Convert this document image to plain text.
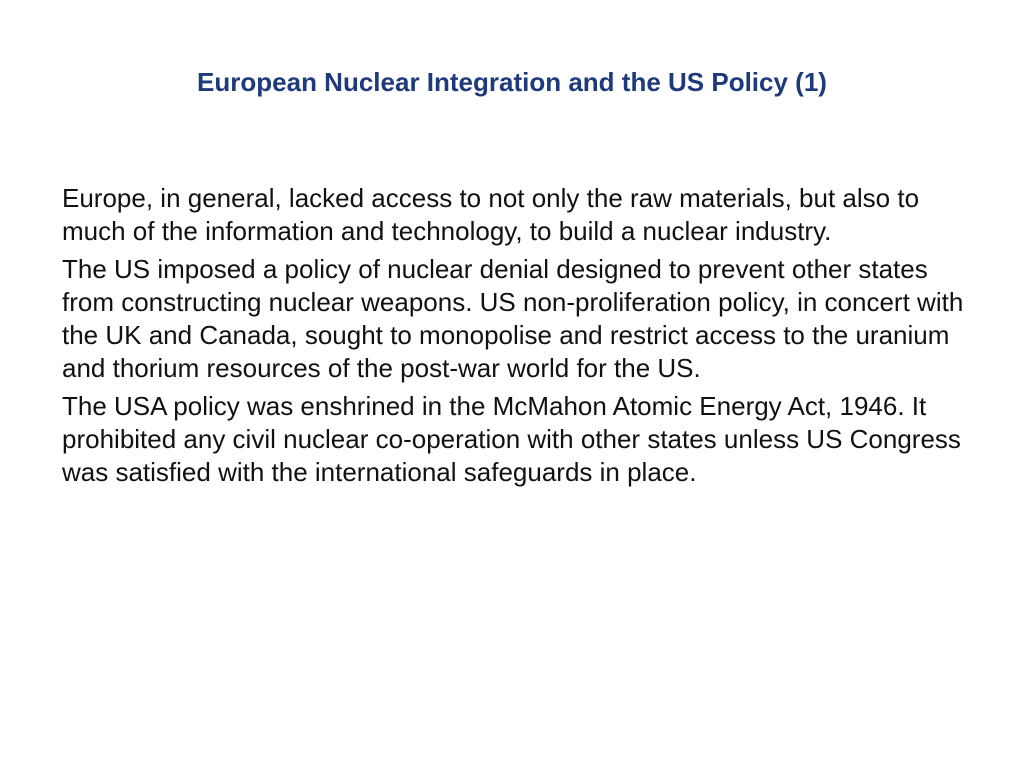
European Nuclear Integration and the US Policy (1)

Europe, in general, lacked access to not only the raw materials, but also to much of the information and technology, to build a nuclear industry.

The US imposed a policy of nuclear denial designed to prevent other states from constructing nuclear weapons. US non-proliferation policy, in concert with the UK and Canada, sought to monopolise and restrict access to the uranium and thorium resources of the post-war world for the US.

The USA policy was enshrined in the McMahon Atomic Energy Act, 1946. It prohibited any civil nuclear co-operation with other states unless US Congress was satisfied with the international safeguards in place.
